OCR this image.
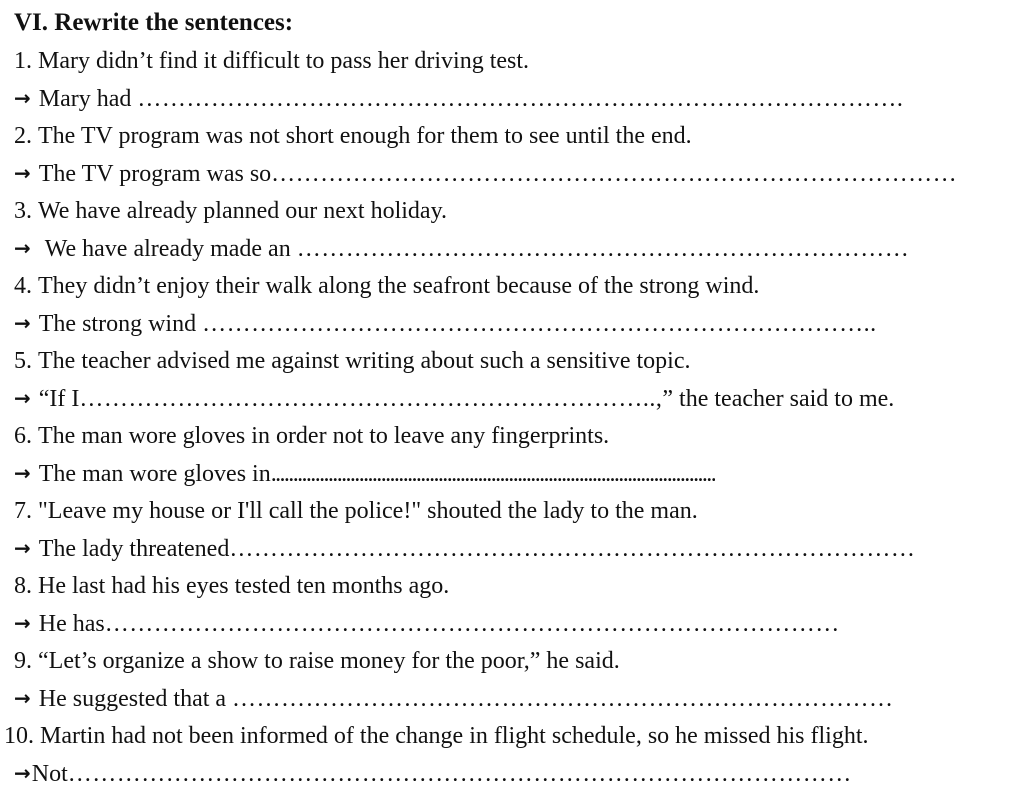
VI. Rewrite the sentences:
1. Mary didn’t find it difficult to pass her driving test.
→ Mary had ………………………………………………………………………………….
2. The TV program was not short enough for them to see until the end.
→ The TV program was so…………………………………………………………………………
3. We have already planned our next holiday.
→ We have already made an …………………………………………………………………
4. They didn’t enjoy their walk along the seafront because of the strong wind.
→ The strong wind ………………………………………………………………………..
5. The teacher advised me against writing about such a sensitive topic.
→ “If I……………………………………………………………..,” the teacher said to me.
6. The man wore gloves in order not to leave any fingerprints.
→ The man wore gloves in.....................................................................................................
7. "Leave my house or I'll call the police!" shouted the lady to the man.
→ The lady threatened…………………………………………………………………………
8. He last had his eyes tested ten months ago.
→ He has………………………………………………………………………………
9. “Let’s organize a show to raise money for the poor,” he said.
→ He suggested that a ………………………………………………………………………
10. Martin had not been informed of the change in flight schedule, so he missed his flight.
→Not……………………………………………………………………………………
